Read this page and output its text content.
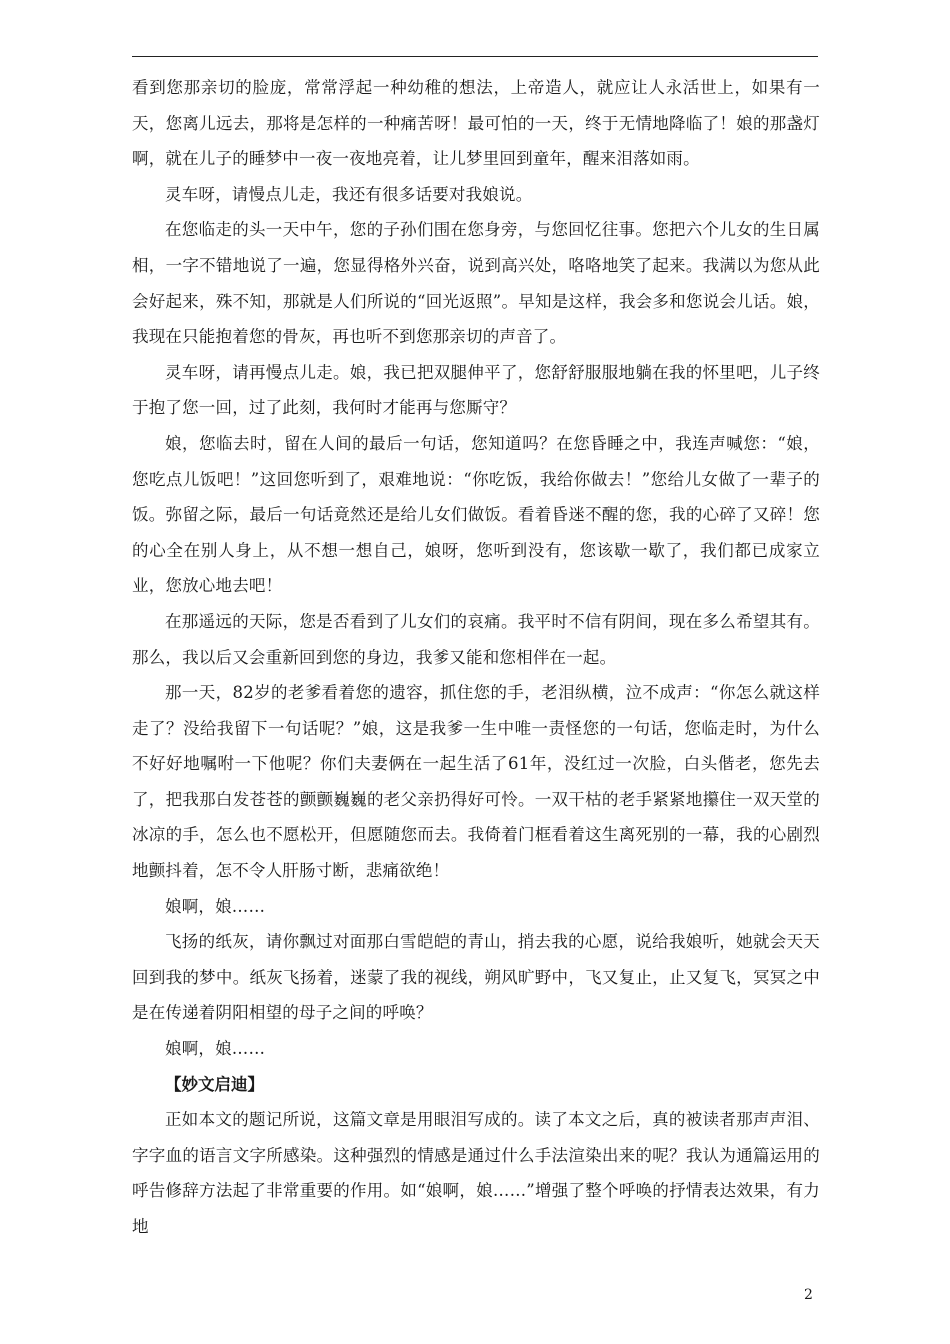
看到您那亲切的脸庞，常常浮起一种幼稚的想法，上帝造人，就应让人永活世上，如果有一天，您离儿远去，那将是怎样的一种痛苦呀！最可怕的一天，终于无情地降临了！娘的那盏灯啊，就在儿子的睡梦中一夜一夜地亮着，让儿梦里回到童年，醒来泪落如雨。

灵车呀，请慢点儿走，我还有很多话要对我娘说。

在您临走的头一天中午，您的子孙们围在您身旁，与您回忆往事。您把六个儿女的生日属相，一字不错地说了一遍，您显得格外兴奋，说到高兴处，咯咯地笑了起来。我满以为您从此会好起来，殊不知，那就是人们所说的“回光返照”。早知是这样，我会多和您说会儿话。娘，我现在只能抱着您的骨灰，再也听不到您那亲切的声音了。

灵车呀，请再慢点儿走。娘，我已把双腿伸平了，您舒舒服服地躺在我的怀里吧，儿子终于抱了您一回，过了此刻，我何时才能再与您厮守？

娘，您临去时，留在人间的最后一句话，您知道吗？在您昏睡之中，我连声喊您：“娘，您吃点儿饭吧！”这回您听到了，艰难地说：“你吃饭，我给你做去！”您给儿女做了一辈子的饭。弥留之际，最后一句话竟然还是给儿女们做饭。看着昏迷不醒的您，我的心碎了又碎！您的心全在别人身上，从不想一想自己，娘呀，您听到没有，您该歇一歇了，我们都已成家立业，您放心地去吧！

在那遥远的天际，您是否看到了儿女们的哀痛。我平时不信有阴间，现在多么希望其有。那么，我以后又会重新回到您的身边，我爹又能和您相伴在一起。

那一天，82岁的老爹看着您的遗容，抓住您的手，老泪纵横，泣不成声：“你怎么就这样走了？没给我留下一句话呢？”娘，这是我爹一生中唯一责怪您的一句话，您临走时，为什么不好好地嘱咐一下他呢？你们夫妻俩在一起生活了61年，没红过一次脸，白头偕老，您先去了，把我那白发苍苍的颤颤巍巍的老父亲扔得好可怜。一双干枯的老手紧紧地攥住一双天堂的冰凉的手，怎么也不愿松开，但愿随您而去。我倚着门框看着这生离死别的一幕，我的心剧烈地颤抖着，怎不令人肝肠寸断，悲痛欲绝！

娘啊，娘……

飞扬的纸灰，请你飘过对面那白雪皑皑的青山，捎去我的心愿，说给我娘听，她就会天天回到我的梦中。纸灰飞扬着，迷蒙了我的视线，朔风旷野中，飞又复止，止又复飞，冥冥之中是在传递着阴阳相望的母子之间的呼唤？

娘啊，娘……

【妙文启迪】

正如本文的题记所说，这篇文章是用眼泪写成的。读了本文之后，真的被读者那声声泪、字字血的语言文字所感染。这种强烈的情感是通过什么手法渲染出来的呢？我认为通篇运用的呼告修辞方法起了非常重要的作用。如“娘啊，娘……”增强了整个呼唤的抒情表达效果，有力地

2
